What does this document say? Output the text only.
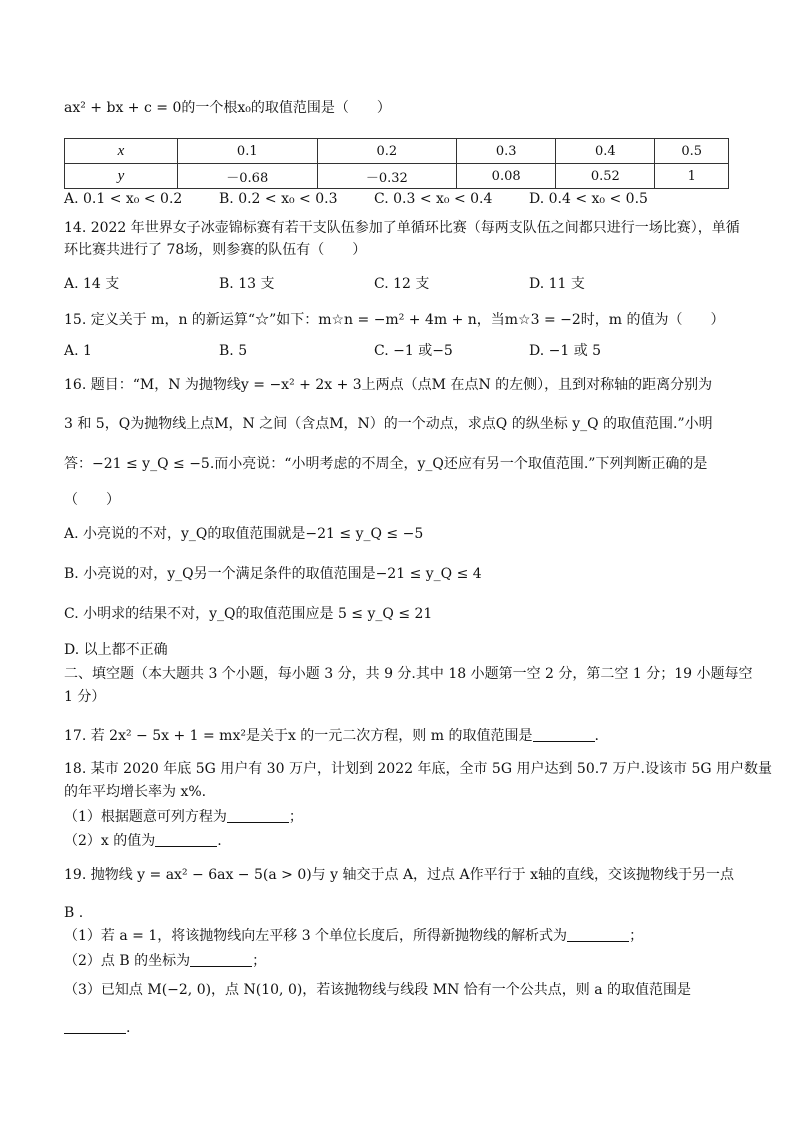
ax² + bx + c = 0的一个根x₀的取值范围是（　　）
x	0.1	0.2	0.3	0.4	0.5
y	－0.68	－0.32	0.08	0.52	1
A. 0.1 < x₀ < 0.2	B. 0.2 < x₀ < 0.3	C. 0.3 < x₀ < 0.4	D. 0.4 < x₀ < 0.5
14. 2022 年世界女子冰壶锦标赛有若干支队伍参加了单循环比赛（每两支队伍之间都只进行一场比赛），单循
环比赛共进行了 78场，则参赛的队伍有（　　）
A. 14 支	B. 13 支	C. 12 支	D. 11 支
15. 定义关于 m，n 的新运算“☆”如下：m☆n = −m² + 4m + n，当m☆3 = −2时，m 的值为（　　）
A. 1	B. 5	C. −1 或−5	D. −1 或 5
16. 题目：“M，N 为抛物线y = −x² + 2x + 3上两点（点M 在点N 的左侧），且到对称轴的距离分别为
3 和 5，Q为抛物线上点M，N 之间（含点M，N）的一个动点，求点Q 的纵坐标 y_Q 的取值范围.”小明
答：−21 ≤ y_Q ≤ −5.而小亮说：“小明考虑的不周全，y_Q还应有另一个取值范围.”下列判断正确的是
（　　）
A. 小亮说的不对，y_Q的取值范围就是−21 ≤ y_Q ≤ −5
B. 小亮说的对，y_Q另一个满足条件的取值范围是−21 ≤ y_Q ≤ 4
C. 小明求的结果不对，y_Q的取值范围应是 5 ≤ y_Q ≤ 21
D. 以上都不正确
二、填空题（本大题共 3 个小题，每小题 3 分，共 9 分.其中 18 小题第一空 2 分，第二空 1 分；19 小题每空
1 分）
17. 若 2x² − 5x + 1 = mx²是关于x 的一元二次方程，则 m 的取值范围是	.
18. 某市 2020 年底 5G 用户有 30 万户，计划到 2022 年底，全市 5G 用户达到 50.7 万户.设该市 5G 用户数量
的年平均增长率为 x%.
（1）根据题意可列方程为	；
（2）x 的值为	.
19. 抛物线 y = ax² − 6ax − 5(a > 0)与 y 轴交于点 A，过点 A作平行于 x轴的直线，交该抛物线于另一点
B .
（1）若 a = 1，将该抛物线向左平移 3 个单位长度后，所得新抛物线的解析式为	；
（2）点 B 的坐标为	；
（3）已知点 M(−2, 0)，点 N(10, 0)，若该抛物线与线段 MN 恰有一个公共点，则 a 的取值范围是
.
